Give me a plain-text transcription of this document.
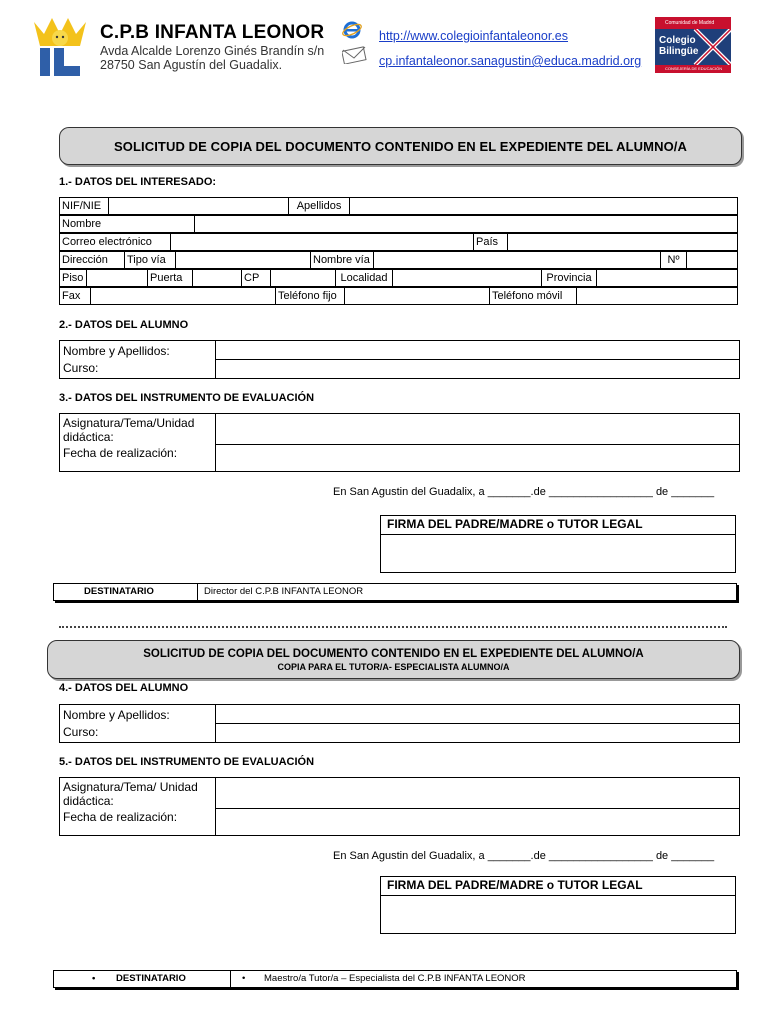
C.P.B INFANTA LEONOR
Avda Alcalde Lorenzo Ginés Brandín s/n
28750 San Agustín del Guadalix.
http://www.colegioinfantaleonor.es
cp.infantaleonor.sanagustin@educa.madrid.org
Comunidad de Madrid
Colegio
Bilingüe
CONSEJERÍA DE EDUCACIÓN
SOLICITUD DE COPIA DEL DOCUMENTO CONTENIDO EN EL EXPEDIENTE DEL ALUMNO/A
1.- DATOS DEL INTERESADO:
NIF/NIE		Apellidos	
Nombre	
Correo electrónico		País	
Dirección	Tipo vía		Nombre vía		Nº	
Piso		Puerta		CP		Localidad		Provincia	
Fax		Teléfono fijo		Teléfono móvil	
2.- DATOS DEL ALUMNO
Nombre y Apellidos:
Curso:
3.- DATOS DEL INSTRUMENTO DE EVALUACIÓN
Asignatura/Tema/Unidad didáctica:
Fecha de realización:
En San Agustin del Guadalix, a _______.de _________________ de _______
FIRMA DEL PADRE/MADRE o TUTOR LEGAL
DESTINATARIO	Director del C.P.B INFANTA LEONOR
SOLICITUD DE COPIA DEL DOCUMENTO CONTENIDO EN EL EXPEDIENTE DEL ALUMNO/A
COPIA PARA EL TUTOR/A- ESPECIALISTA ALUMNO/A
4.- DATOS DEL ALUMNO
Nombre y Apellidos:
Curso:
5.- DATOS DEL INSTRUMENTO DE EVALUACIÓN
Asignatura/Tema/ Unidad didáctica:
Fecha de realización:
En San Agustin del Guadalix, a _______.de _________________ de _______
FIRMA DEL PADRE/MADRE o TUTOR LEGAL
• DESTINATARIO	• Maestro/a Tutor/a – Especialista del C.P.B INFANTA LEONOR
